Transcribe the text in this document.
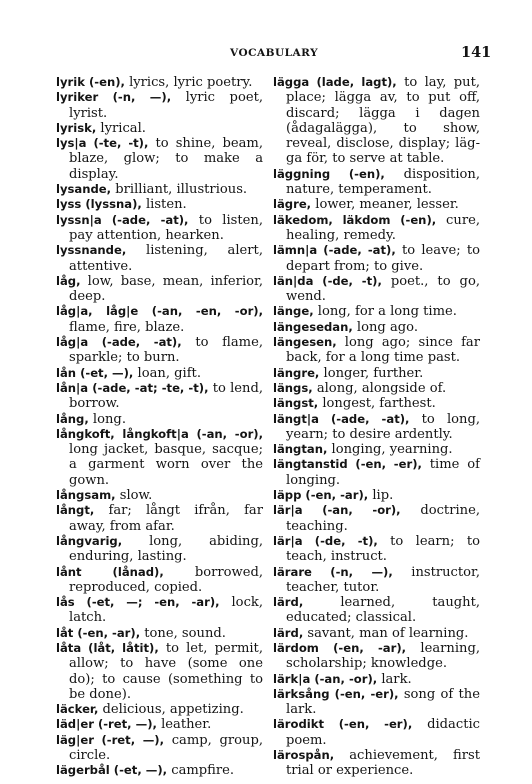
VOCABULARY	141

lyrik (-en), lyrics, lyric poetry.

lyriker (-n, —), lyric poet, lyrist.

lyrisk, lyrical.

lys|a (-te, -t), to shine, beam, blaze, glow; to make a display.

lysande, brilliant, illustrious.

lyss (lyssna), listen.

lyssn|a (-ade, -at), to listen, pay attention, hearken.

lyssnande, listening, alert, attentive.

låg, low, base, mean, inferior, deep.

låg|a, låg|e (-an, -en, -or), flame, fire, blaze.

låg|a (-ade, -at), to flame, sparkle; to burn.

lån (-et, —), loan, gift.

lån|a (-ade, -at; -te, -t), to lend, borrow.

lång, long.

långkoft, långkoft|a (-an, -or), long jacket, basque, sacque; a garment worn over the gown.

långsam, slow.

långt, far; långt ifrån, far away, from afar.

långvarig, long, abiding, enduring, lasting.

lånt (lånad), borrowed, reproduced, copied.

lås (-et, —; -en, -ar), lock, latch.

låt (-en, -ar), tone, sound.

låta (låt, låtit), to let, permit, allow; to have (some one do); to cause (something to be done).

läcker, delicious, appetizing.

läd|er (-ret, —), leather.

läg|er (-ret, —), camp, group, circle.

lägerbål (-et, —), campfire.

lägga (lade, lagt), to lay, put, place; lägga av, to put off, discard; lägga i dagen (ådagalägga), to show, reveal, disclose, display; läg-ga för, to serve at table.

läggning (-en), disposition, nature, temperament.

lägre, lower, meaner, lesser.

läkedom, läkdom (-en), cure, healing, remedy.

lämn|a (-ade, -at), to leave; to depart from; to give.

län|da (-de, -t), poet., to go, wend.

länge, long, for a long time.

längesedan, long ago.

längesen, long ago; since far back, for a long time past.

längre, longer, further.

längs, along, alongside of.

längst, longest, farthest.

längt|a (-ade, -at), to long, yearn; to desire ardently.

längtan, longing, yearning.

längtanstid (-en, -er), time of longing.

läpp (-en, -ar), lip.

lär|a (-an, -or), doctrine, teaching.

lär|a (-de, -t), to learn; to teach, instruct.

lärare (-n, —), instructor, teacher, tutor.

lärd, learned, taught, educated; classical.

lärd, savant, man of learning.

lärdom (-en, -ar), learning, scholarship; knowledge.

lärk|a (-an, -or), lark.

lärksång (-en, -er), song of the lark.

lärodikt (-en, -er), didactic poem.

lärospån, achievement, first trial or experience.
